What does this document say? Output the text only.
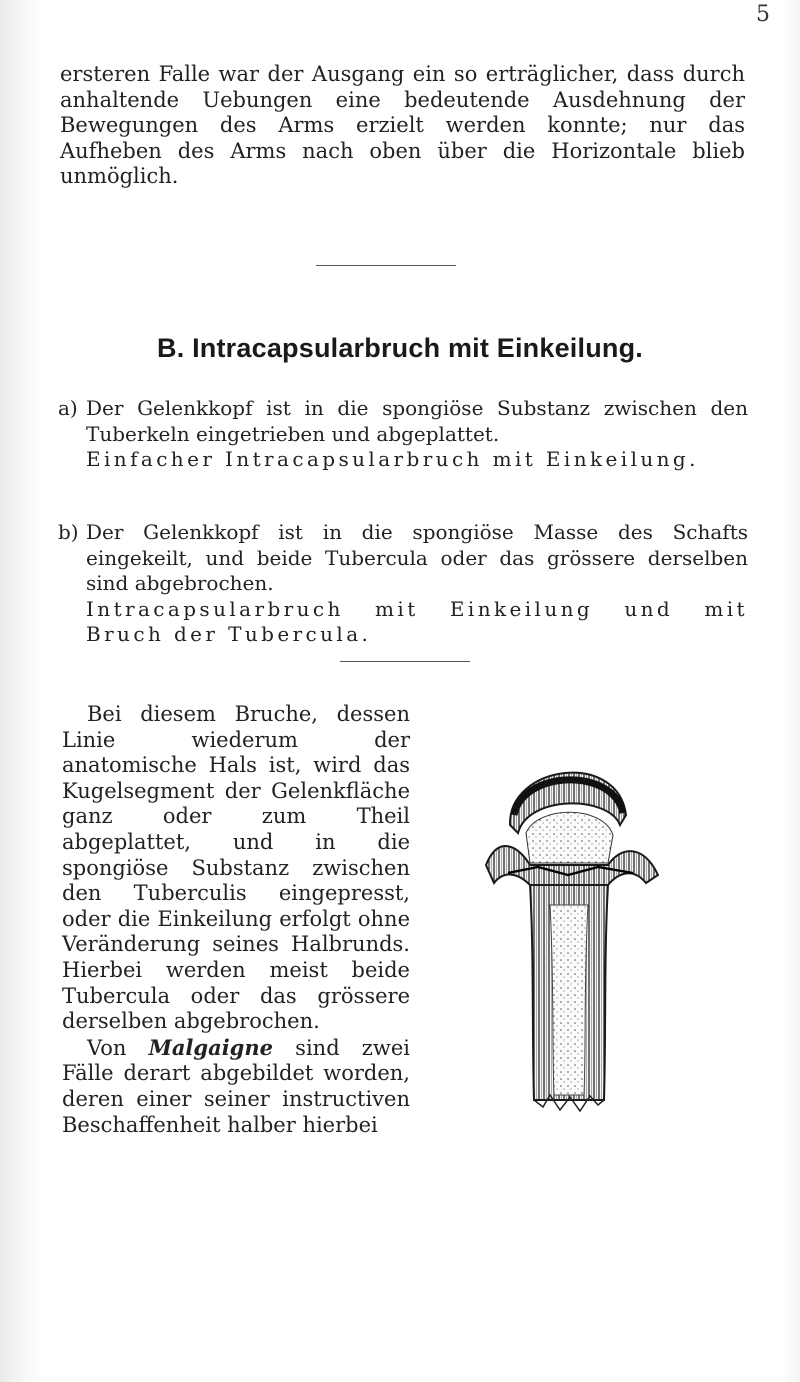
5

ersteren Falle war der Ausgang ein so erträglicher, dass durch anhaltende Uebungen eine bedeutende Ausdehnung der Bewegungen des Arms erzielt werden konnte; nur das Aufheben des Arms nach oben über die Horizontale blieb unmöglich.

B. Intracapsularbruch mit Einkeilung.
a) Der Gelenkkopf ist in die spongiöse Substanz zwischen den Tuberkeln eingetrieben und abgeplattet.
Einfacher Intracapsularbruch mit Einkeilung.
b) Der Gelenkkopf ist in die spongiöse Masse des Schafts eingekeilt, und beide Tubercula oder das grössere derselben sind abgebrochen.
Intracapsularbruch mit Einkeilung und mit Bruch der Tubercula.
Bei diesem Bruche, dessen Linie wiederum der anatomische Hals ist, wird das Kugelsegment der Gelenkfläche ganz oder zum Theil abgeplattet, und in die spongiöse Substanz zwischen den Tuberculis eingepresst, oder die Einkeilung erfolgt ohne Veränderung seines Halbrunds. Hierbei werden meist beide Tubercula oder das grössere derselben abgebrochen.
Von Malgaigne sind zwei Fälle derart abgebildet worden, deren einer seiner instructiven Beschaffenheit halber hierbei
